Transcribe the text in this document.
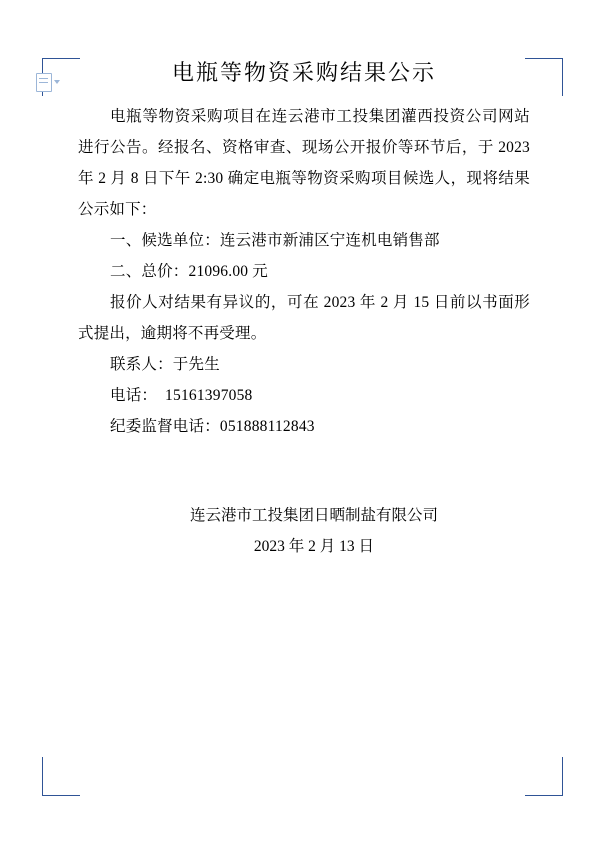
电瓶等物资采购结果公示

电瓶等物资采购项目在连云港市工投集团灌西投资公司网站进行公告。经报名、资格审查、现场公开报价等环节后，于 2023 年 2 月 8 日下午 2:30 确定电瓶等物资采购项目候选人，现将结果公示如下：

一、候选单位：连云港市新浦区宁连机电销售部

二、总价：21096.00 元

报价人对结果有异议的，可在 2023 年 2 月 15 日前以书面形式提出，逾期将不再受理。

联系人：于先生

电话：　15161397058

纪委监督电话：051888112843

连云港市工投集团日晒制盐有限公司
2023 年 2 月 13 日
